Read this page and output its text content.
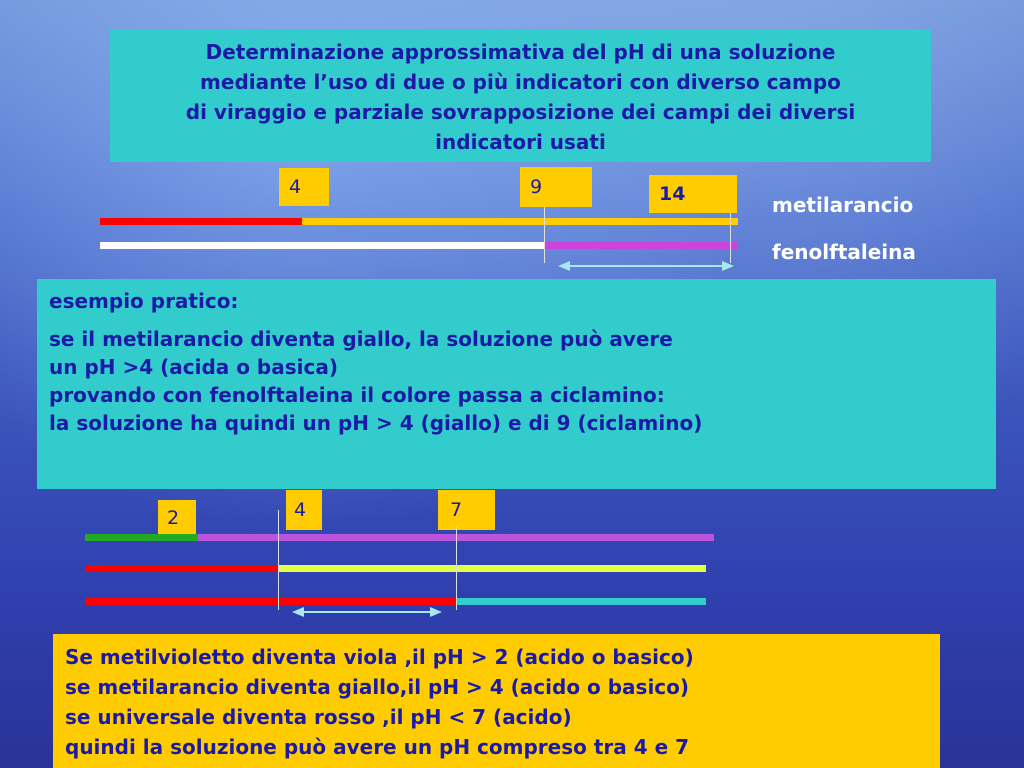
Determinazione approssimativa del pH di una soluzione
mediante l’uso di due o più indicatori con diverso campo
di viraggio e parziale sovrapposizione dei campi dei diversi
indicatori usati
4	9	14	metilarancio
fenolftaleina
esempio pratico:
se il metilarancio diventa giallo, la soluzione può avere
un pH >4 (acida o basica)
provando con fenolftaleina il colore passa a ciclamino:
la soluzione ha quindi un pH > 4 (giallo) e di 9 (ciclamino)
2	4	7
Se metilvioletto diventa viola ,il pH > 2 (acido o basico)
se metilarancio diventa giallo,il pH > 4 (acido o basico)
se universale diventa rosso ,il pH < 7 (acido)
quindi la soluzione può avere un pH compreso tra 4 e 7
